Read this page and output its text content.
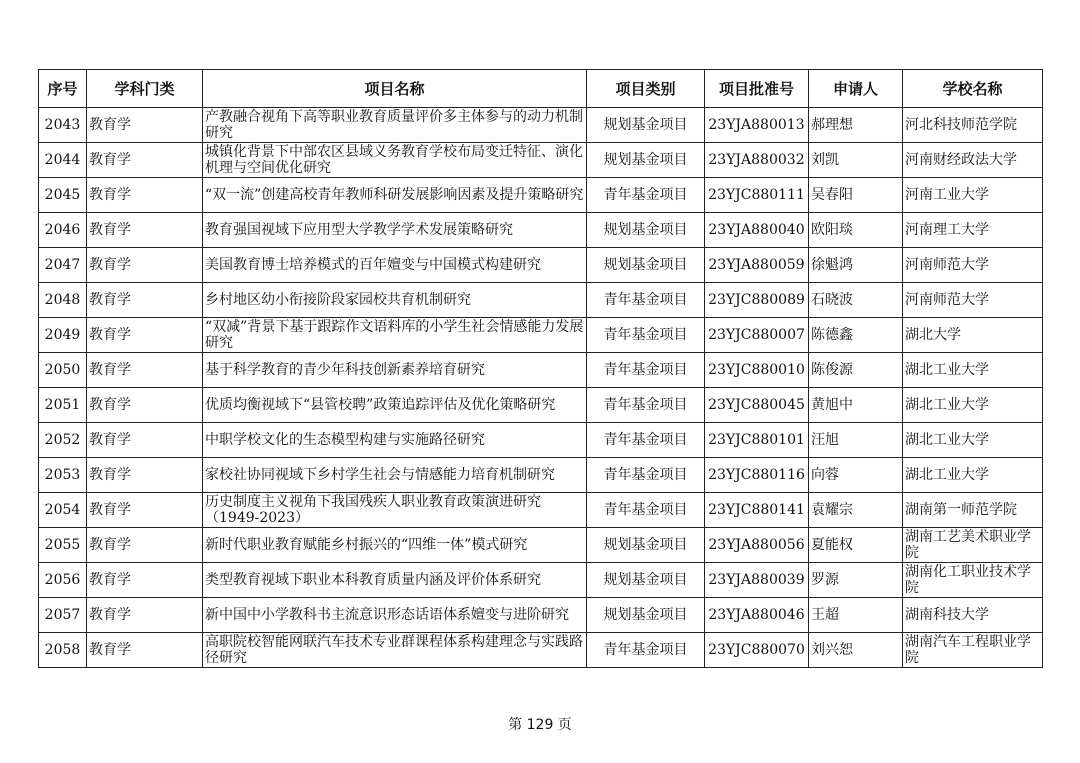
序号	学科门类	项目名称	项目类别	项目批准号	申请人	学校名称
2043	教育学	产教融合视角下高等职业教育质量评价多主体参与的动力机制研究	规划基金项目	23YJA880013	郝理想	河北科技师范学院
2044	教育学	城镇化背景下中部农区县域义务教育学校布局变迁特征、演化机理与空间优化研究	规划基金项目	23YJA880032	刘凯	河南财经政法大学
2045	教育学	“双一流”创建高校青年教师科研发展影响因素及提升策略研究	青年基金项目	23YJC880111	吴春阳	河南工业大学
2046	教育学	教育强国视域下应用型大学教学学术发展策略研究	规划基金项目	23YJA880040	欧阳琰	河南理工大学
2047	教育学	美国教育博士培养模式的百年嬗变与中国模式构建研究	规划基金项目	23YJA880059	徐魁鸿	河南师范大学
2048	教育学	乡村地区幼小衔接阶段家园校共育机制研究	青年基金项目	23YJC880089	石晓波	河南师范大学
2049	教育学	“双减”背景下基于跟踪作文语料库的小学生社会情感能力发展研究	青年基金项目	23YJC880007	陈德鑫	湖北大学
2050	教育学	基于科学教育的青少年科技创新素养培育研究	青年基金项目	23YJC880010	陈俊源	湖北工业大学
2051	教育学	优质均衡视域下“县管校聘”政策追踪评估及优化策略研究	青年基金项目	23YJC880045	黄旭中	湖北工业大学
2052	教育学	中职学校文化的生态模型构建与实施路径研究	青年基金项目	23YJC880101	汪旭	湖北工业大学
2053	教育学	家校社协同视域下乡村学生社会与情感能力培育机制研究	青年基金项目	23YJC880116	向蓉	湖北工业大学
2054	教育学	历史制度主义视角下我国残疾人职业教育政策演进研究（1949-2023）	青年基金项目	23YJC880141	袁耀宗	湖南第一师范学院
2055	教育学	新时代职业教育赋能乡村振兴的“四维一体”模式研究	规划基金项目	23YJA880056	夏能权	湖南工艺美术职业学院
2056	教育学	类型教育视域下职业本科教育质量内涵及评价体系研究	规划基金项目	23YJA880039	罗源	湖南化工职业技术学院
2057	教育学	新中国中小学教科书主流意识形态话语体系嬗变与进阶研究	规划基金项目	23YJA880046	王超	湖南科技大学
2058	教育学	高职院校智能网联汽车技术专业群课程体系构建理念与实践路径研究	青年基金项目	23YJC880070	刘兴恕	湖南汽车工程职业学院
第 129 页
